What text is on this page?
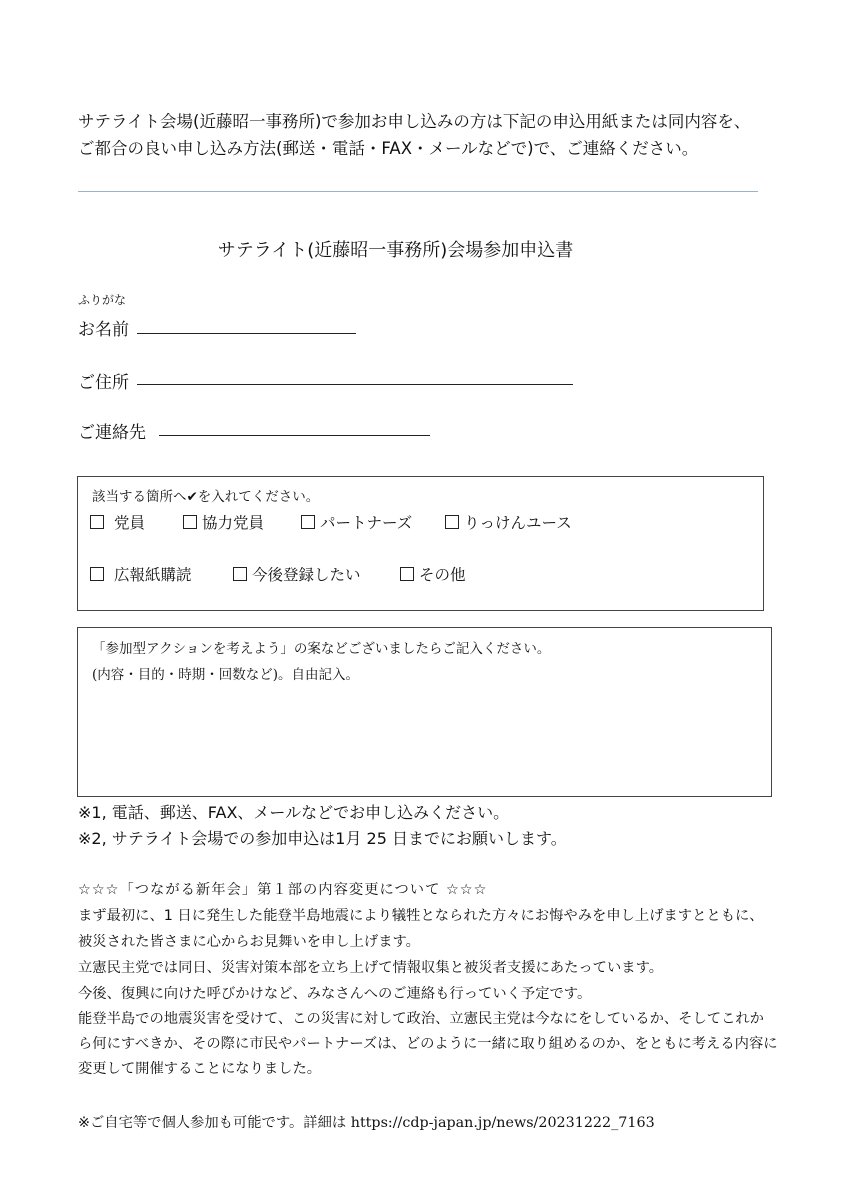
サテライト会場(近藤昭一事務所)で参加お申し込みの方は下記の申込用紙または同内容を、
ご都合の良い申し込み方法(郵送・電話・FAX・メールなどで)で、ご連絡ください。
サテライト(近藤昭一事務所)会場参加申込書
ふりがな
お名前
ご住所
ご連絡先
該当する箇所へ✔を入れてください。
党員	協力党員	パートナーズ	りっけんユース
広報紙購読	今後登録したい	その他
「参加型アクションを考えよう」の案などございましたらご記入ください。
(内容・目的・時期・回数など)。自由記入。
※1, 電話、郵送、FAX、メールなどでお申し込みください。
※2, サテライト会場での参加申込は1月 25 日までにお願いします。
☆☆☆「つながる新年会」第１部の内容変更について ☆☆☆
まず最初に、1 日に発生した能登半島地震により犠牲となられた方々にお悔やみを申し上げますとともに、
被災された皆さまに心からお見舞いを申し上げます。
立憲民主党では同日、災害対策本部を立ち上げて情報収集と被災者支援にあたっています。
今後、復興に向けた呼びかけなど、みなさんへのご連絡も行っていく予定です。
能登半島での地震災害を受けて、この災害に対して政治、立憲民主党は今なにをしているか、そしてこれか
ら何にすべきか、その際に市民やパートナーズは、どのように一緒に取り組めるのか、をともに考える内容に
変更して開催することになりました。
※ご自宅等で個人参加も可能です。詳細は https://cdp-japan.jp/news/20231222_7163
